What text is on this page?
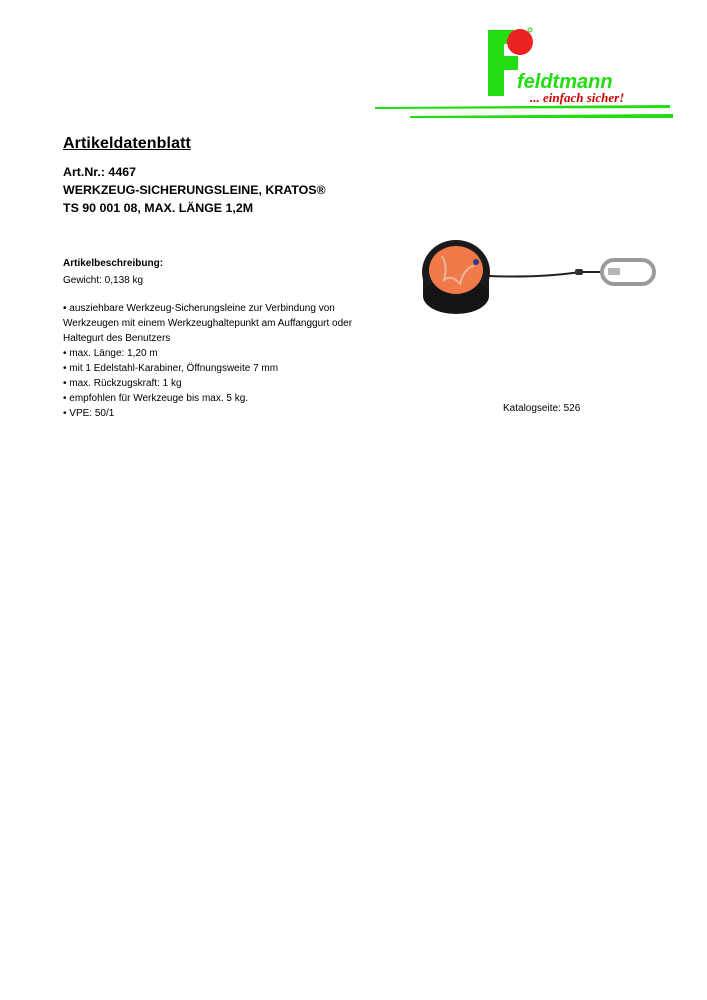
feldtmann
... einfach sicher!
Artikeldatenblatt
Art.Nr.: 4467
WERKZEUG-SICHERUNGSLEINE, KRATOS®
TS 90 001 08, MAX. LÄNGE 1,2M
Artikelbeschreibung:
Gewicht: 0,138 kg
• ausziehbare Werkzeug-Sicherungsleine zur Verbindung von Werkzeugen mit einem Werkzeughaltepunkt am Auffanggurt oder Haltegurt des Benutzers
• max. Länge: 1,20 m
• mit 1 Edelstahl-Karabiner, Öffnungsweite 7 mm
• max. Rückzugskraft: 1 kg
• empfohlen für Werkzeuge bis max. 5 kg.
• VPE: 50/1	Katalogseite: 526
